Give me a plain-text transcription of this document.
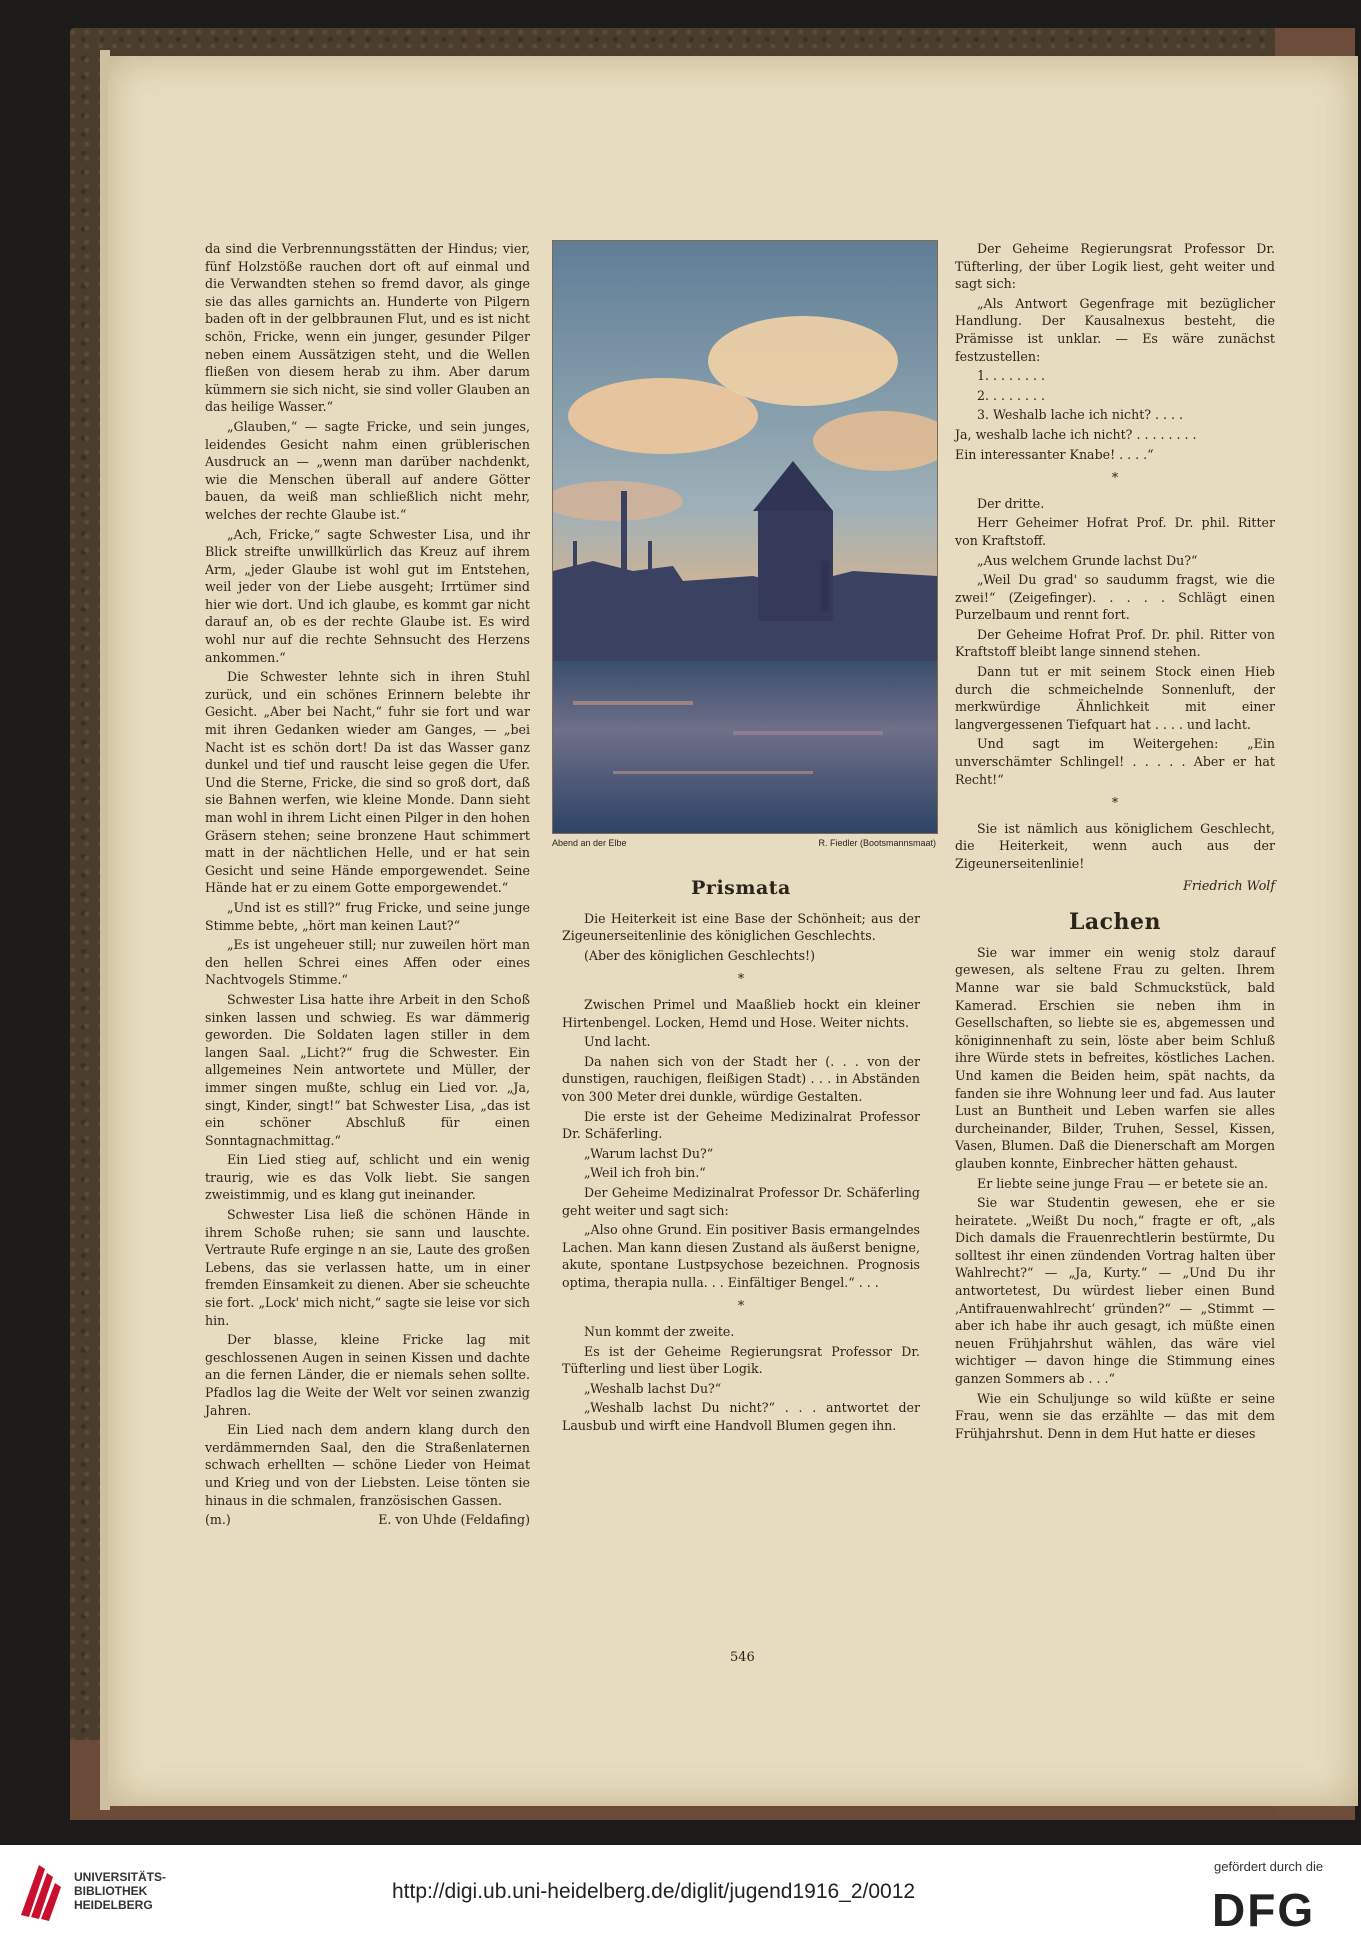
da sind die Verbrennungsstätten der Hindus; vier, fünf Holzstöße rauchen dort oft auf einmal und die Verwandten stehen so fremd davor, als ginge sie das alles garnichts an. Hunderte von Pilgern baden oft in der gelbbraunen Flut, und es ist nicht schön, Fricke, wenn ein junger, gesunder Pilger neben einem Aussätzigen steht, und die Wellen fließen von diesem herab zu ihm. Aber darum kümmern sie sich nicht, sie sind voller Glauben an das heilige Wasser.“

„Glauben,“ — sagte Fricke, und sein junges, leidendes Gesicht nahm einen grüblerischen Ausdruck an — „wenn man darüber nachdenkt, wie die Menschen überall auf andere Götter bauen, da weiß man schließlich nicht mehr, welches der rechte Glaube ist.“

„Ach, Fricke,“ sagte Schwester Lisa, und ihr Blick streifte unwillkürlich das Kreuz auf ihrem Arm, „jeder Glaube ist wohl gut im Entstehen, weil jeder von der Liebe ausgeht; Irrtümer sind hier wie dort. Und ich glaube, es kommt gar nicht darauf an, ob es der rechte Glaube ist. Es wird wohl nur auf die rechte Sehnsucht des Herzens ankommen.“

Die Schwester lehnte sich in ihren Stuhl zurück, und ein schönes Erinnern belebte ihr Gesicht. „Aber bei Nacht,“ fuhr sie fort und war mit ihren Gedanken wieder am Ganges, — „bei Nacht ist es schön dort! Da ist das Wasser ganz dunkel und tief und rauscht leise gegen die Ufer. Und die Sterne, Fricke, die sind so groß dort, daß sie Bahnen werfen, wie kleine Monde. Dann sieht man wohl in ihrem Licht einen Pilger in den hohen Gräsern stehen; seine bronzene Haut schimmert matt in der nächtlichen Helle, und er hat sein Gesicht und seine Hände emporgewendet. Seine Hände hat er zu einem Gotte emporgewendet.“

„Und ist es still?“ frug Fricke, und seine junge Stimme bebte, „hört man keinen Laut?“

„Es ist ungeheuer still; nur zuweilen hört man den hellen Schrei eines Affen oder eines Nachtvogels Stimme.“

Schwester Lisa hatte ihre Arbeit in den Schoß sinken lassen und schwieg. Es war dämmerig geworden. Die Soldaten lagen stiller in dem langen Saal. „Licht?“ frug die Schwester. Ein allgemeines Nein antwortete und Müller, der immer singen mußte, schlug ein Lied vor. „Ja, singt, Kinder, singt!“ bat Schwester Lisa, „das ist ein schöner Abschluß für einen Sonntagnachmittag.“

Ein Lied stieg auf, schlicht und ein wenig traurig, wie es das Volk liebt. Sie sangen zweistimmig, und es klang gut ineinander.

Schwester Lisa ließ die schönen Hände in ihrem Schoße ruhen; sie sann und lauschte. Vertraute Rufe erginge n an sie, Laute des großen Lebens, das sie verlassen hatte, um in einer fremden Einsamkeit zu dienen. Aber sie scheuchte sie fort. „Lock' mich nicht,“ sagte sie leise vor sich hin.

Der blasse, kleine Fricke lag mit geschlossenen Augen in seinen Kissen und dachte an die fernen Länder, die er niemals sehen sollte. Pfadlos lag die Weite der Welt vor seinen zwanzig Jahren.

Ein Lied nach dem andern klang durch den verdämmernden Saal, den die Straßenlaternen schwach erhellten — schöne Lieder von Heimat und Krieg und von der Liebsten. Leise tönten sie hinaus in die schmalen, französischen Gassen.

(m.)	E. von Uhde (Feldafing)
Abend an der Elbe	R. Fiedler (Bootsmannsmaat)
Prismata

Die Heiterkeit ist eine Base der Schönheit; aus der Zigeunerseitenlinie des königlichen Geschlechts.

(Aber des königlichen Geschlechts!)

*

Zwischen Primel und Maaßlieb hockt ein kleiner Hirtenbengel. Locken, Hemd und Hose. Weiter nichts.

Und lacht.

Da nahen sich von der Stadt her (. . . von der dunstigen, rauchigen, fleißigen Stadt) . . . in Abständen von 300 Meter drei dunkle, würdige Gestalten.

Die erste ist der Geheime Medizinalrat Professor Dr. Schäferling.

„Warum lachst Du?“

„Weil ich froh bin.“

Der Geheime Medizinalrat Professor Dr. Schäferling geht weiter und sagt sich:

„Also ohne Grund. Ein positiver Basis ermangelndes Lachen. Man kann diesen Zustand als äußerst benigne, akute, spontane Lustpsychose bezeichnen. Prognosis optima, therapia nulla. . . Einfältiger Bengel.“ . . .

*

Nun kommt der zweite.

Es ist der Geheime Regierungsrat Professor Dr. Tüfterling und liest über Logik.

„Weshalb lachst Du?“

„Weshalb lachst Du nicht?“ . . . antwortet der Lausbub und wirft eine Handvoll Blumen gegen ihn.

Der Geheime Regierungsrat Professor Dr. Tüfterling, der über Logik liest, geht weiter und sagt sich:

„Als Antwort Gegenfrage mit bezüglicher Handlung. Der Kausalnexus besteht, die Prämisse ist unklar. — Es wäre zunächst festzustellen:

1. . . . . . . .

2. . . . . . . .

3. Weshalb lache ich nicht? . . . .

Ja, weshalb lache ich nicht? . . . . . . . .

Ein interessanter Knabe! . . . .“

*

Der dritte.

Herr Geheimer Hofrat Prof. Dr. phil. Ritter von Kraftstoff.

„Aus welchem Grunde lachst Du?“

„Weil Du grad' so saudumm fragst, wie die zwei!“ (Zeigefinger). . . . . Schlägt einen Purzelbaum und rennt fort.

Der Geheime Hofrat Prof. Dr. phil. Ritter von Kraftstoff bleibt lange sinnend stehen.

Dann tut er mit seinem Stock einen Hieb durch die schmeichelnde Sonnenluft, der merkwürdige Ähnlichkeit mit einer langvergessenen Tiefquart hat . . . . und lacht.

Und sagt im Weitergehen: „Ein unverschämter Schlingel! . . . . . Aber er hat Recht!“

*

Sie ist nämlich aus königlichem Geschlecht, die Heiterkeit, wenn auch aus der Zigeunerseitenlinie!

Friedrich Wolf
Lachen

Sie war immer ein wenig stolz darauf gewesen, als seltene Frau zu gelten. Ihrem Manne war sie bald Schmuckstück, bald Kamerad. Erschien sie neben ihm in Gesellschaften, so liebte sie es, abgemessen und königinnenhaft zu sein, löste aber beim Schluß ihre Würde stets in befreites, köstliches Lachen. Und kamen die Beiden heim, spät nachts, da fanden sie ihre Wohnung leer und fad. Aus lauter Lust an Buntheit und Leben warfen sie alles durcheinander, Bilder, Truhen, Sessel, Kissen, Vasen, Blumen. Daß die Dienerschaft am Morgen glauben konnte, Einbrecher hätten gehaust.

Er liebte seine junge Frau — er betete sie an.

Sie war Studentin gewesen, ehe er sie heiratete. „Weißt Du noch,“ fragte er oft, „als Dich damals die Frauenrechtlerin bestürmte, Du solltest ihr einen zündenden Vortrag halten über Wahlrecht?“ — „Ja, Kurty.“ — „Und Du ihr antwortetest, Du würdest lieber einen Bund ‚Antifrauenwahlrecht‘ gründen?“ — „Stimmt — aber ich habe ihr auch gesagt, ich müßte einen neuen Frühjahrshut wählen, das wäre viel wichtiger — davon hinge die Stimmung eines ganzen Sommers ab . . .“

Wie ein Schuljunge so wild küßte er seine Frau, wenn sie das erzählte — das mit dem Frühjahrshut. Denn in dem Hut hatte er dieses

546
UNIVERSITÄTS-
BIBLIOTHEK
HEIDELBERG
http://digi.ub.uni-heidelberg.de/diglit/jugend1916_2/0012
gefördert durch die
DFG
